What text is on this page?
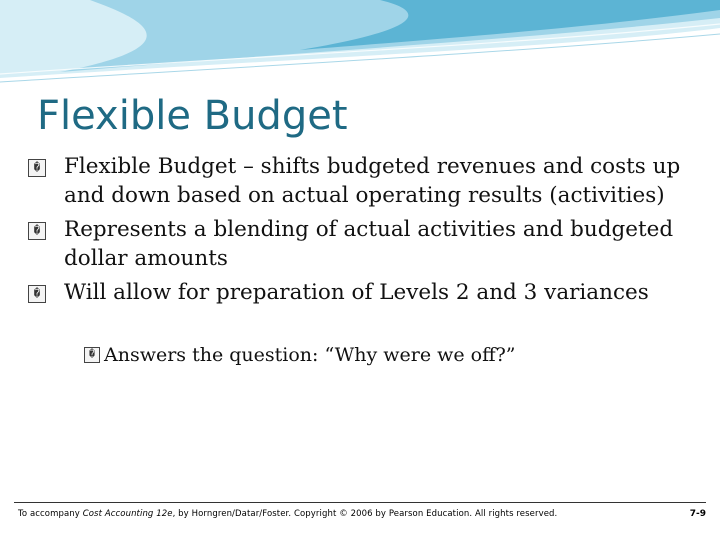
Flexible Budget
� Flexible Budget – shifts budgeted revenues and costs up and down based on actual operating results (activities)
� Represents a blending of actual activities and budgeted dollar amounts
� Will allow for preparation of Levels 2 and 3 variances
� Answers the question: “Why were we off?”
To accompany Cost Accounting 12e, by Horngren/Datar/Foster. Copyright © 2006 by Pearson Education. All rights reserved.	7-9
